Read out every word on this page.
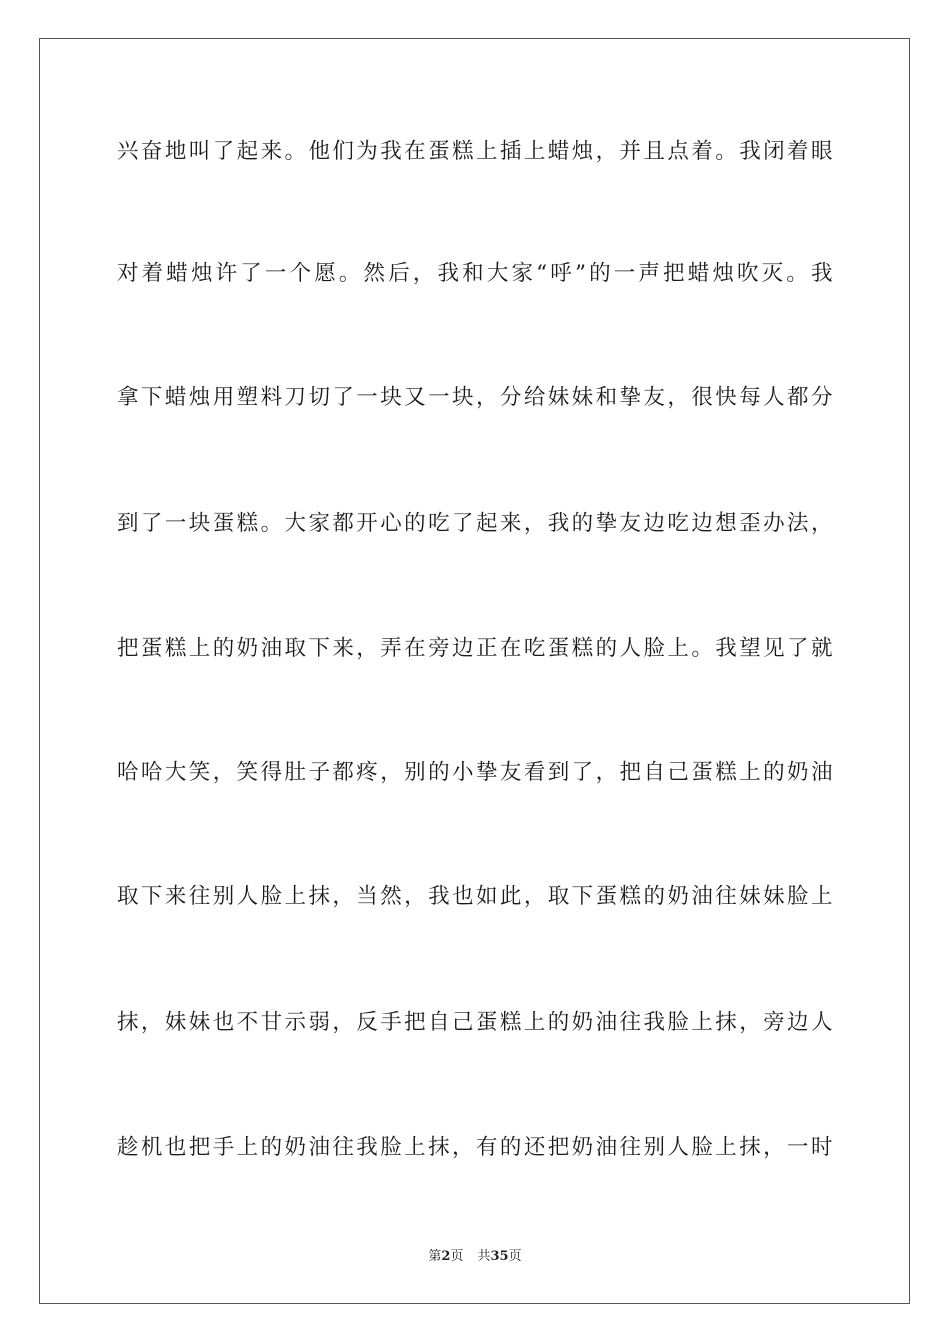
兴奋地叫了起来。他们为我在蛋糕上插上蜡烛，并且点着。我闭着眼
对着蜡烛许了一个愿。然后，我和大家“呼”的一声把蜡烛吹灭。我
拿下蜡烛用塑料刀切了一块又一块，分给妹妹和挚友，很快每人都分
到了一块蛋糕。大家都开心的吃了起来，我的挚友边吃边想歪办法，
把蛋糕上的奶油取下来，弄在旁边正在吃蛋糕的人脸上。我望见了就
哈哈大笑，笑得肚子都疼，别的小挚友看到了，把自己蛋糕上的奶油
取下来往别人脸上抹，当然，我也如此，取下蛋糕的奶油往妹妹脸上
抹，妹妹也不甘示弱，反手把自己蛋糕上的奶油往我脸上抹，旁边人
趁机也把手上的奶油往我脸上抹，有的还把奶油往别人脸上抹，一时
第2页 共35页
